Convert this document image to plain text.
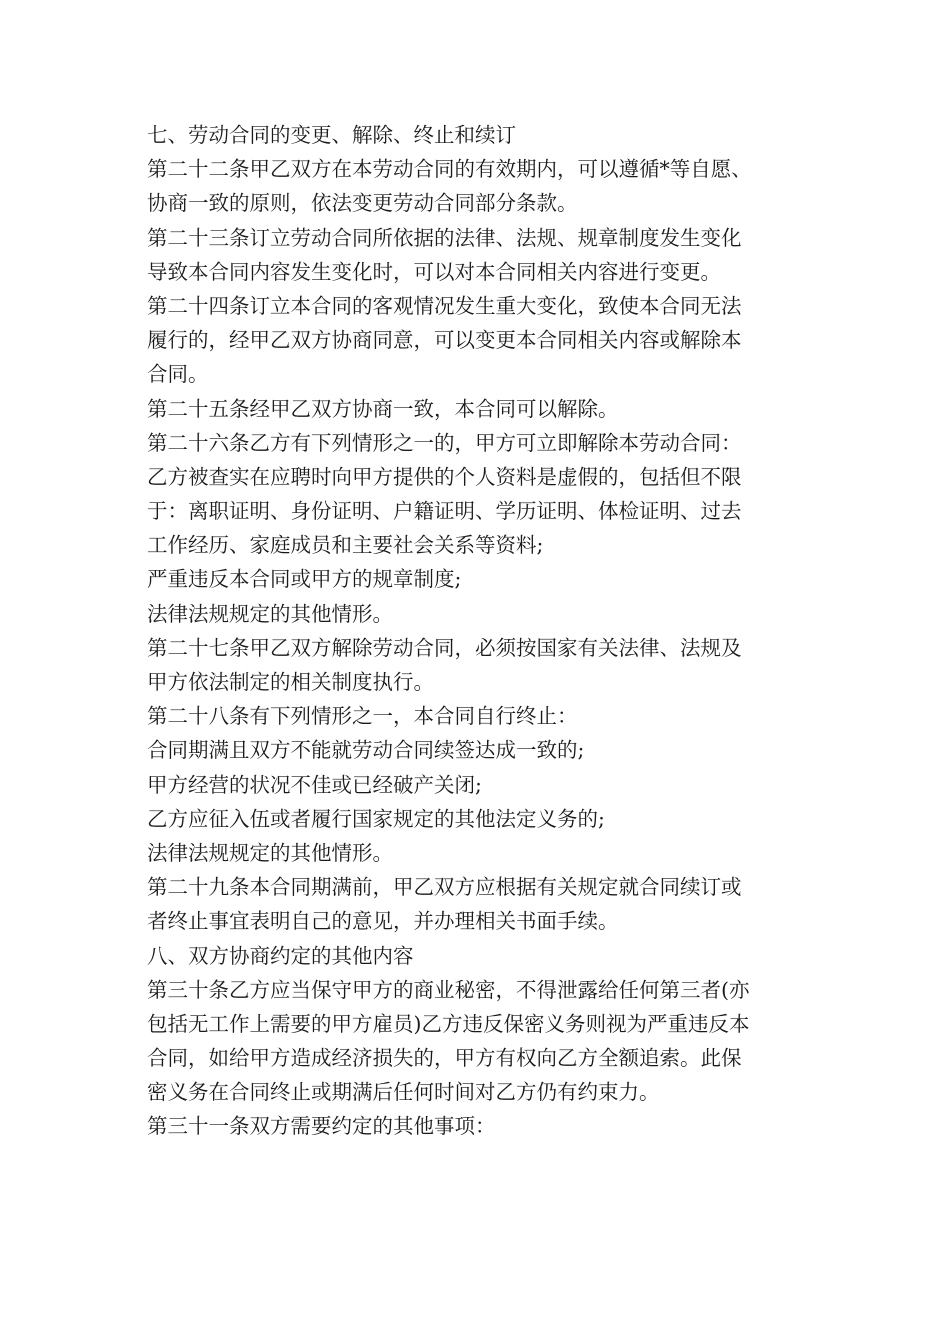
七、劳动合同的变更、解除、终止和续订
第二十二条甲乙双方在本劳动合同的有效期内，可以遵循*等自愿、
协商一致的原则，依法变更劳动合同部分条款。
第二十三条订立劳动合同所依据的法律、法规、规章制度发生变化
导致本合同内容发生变化时，可以对本合同相关内容进行变更。
第二十四条订立本合同的客观情况发生重大变化，致使本合同无法
履行的，经甲乙双方协商同意，可以变更本合同相关内容或解除本
合同。
第二十五条经甲乙双方协商一致，本合同可以解除。
第二十六条乙方有下列情形之一的，甲方可立即解除本劳动合同：
乙方被查实在应聘时向甲方提供的个人资料是虚假的，包括但不限
于：离职证明、身份证明、户籍证明、学历证明、体检证明、过去
工作经历、家庭成员和主要社会关系等资料;
严重违反本合同或甲方的规章制度;
法律法规规定的其他情形。
第二十七条甲乙双方解除劳动合同，必须按国家有关法律、法规及
甲方依法制定的相关制度执行。
第二十八条有下列情形之一，本合同自行终止：
合同期满且双方不能就劳动合同续签达成一致的;
甲方经营的状况不佳或已经破产关闭;
乙方应征入伍或者履行国家规定的其他法定义务的;
法律法规规定的其他情形。
第二十九条本合同期满前，甲乙双方应根据有关规定就合同续订或
者终止事宜表明自己的意见，并办理相关书面手续。
八、双方协商约定的其他内容
第三十条乙方应当保守甲方的商业秘密，不得泄露给任何第三者(亦
包括无工作上需要的甲方雇员)乙方违反保密义务则视为严重违反本
合同，如给甲方造成经济损失的，甲方有权向乙方全额追索。此保
密义务在合同终止或期满后任何时间对乙方仍有约束力。
第三十一条双方需要约定的其他事项：
